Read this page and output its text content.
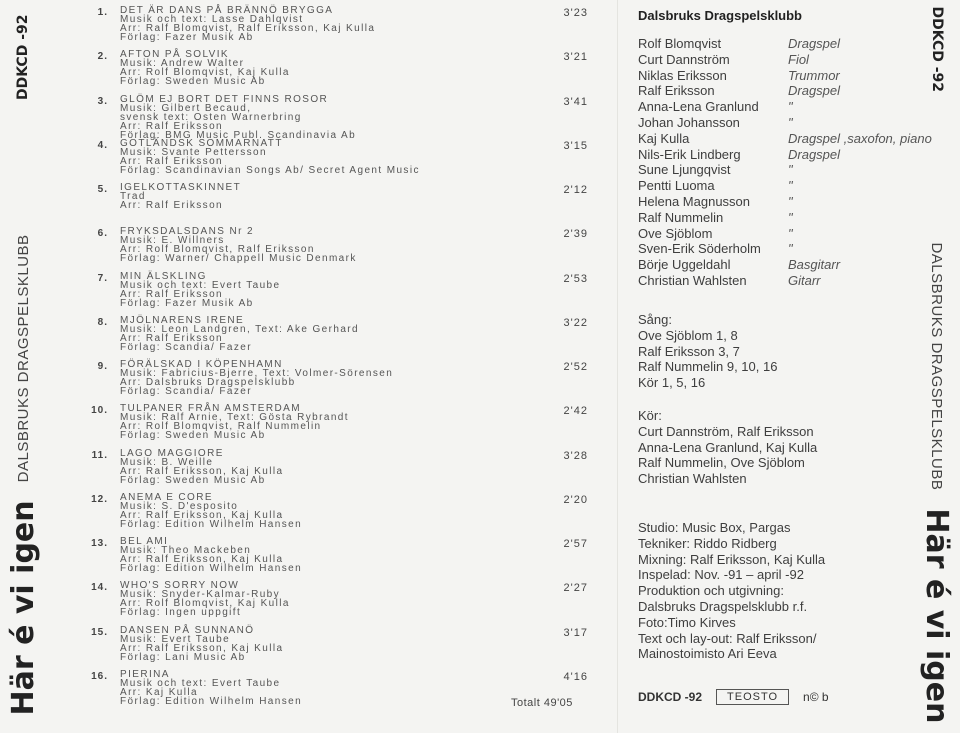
Här é vi igen
DALSBRUKS DRAGSPELSKLUBB
DDKCD -92	DDKCD -92
Här é vi igen
DALSBRUKS DRAGSPELSKLUBB
1. DET ÄR DANS PÅ BRÄNNÖ BRYGGA
Musik och text: Lasse Dahlqvist
Arr: Ralf Blomqvist, Ralf Eriksson, Kaj Kulla
Förlag: Fazer Musik Ab
3'23
2. AFTON PÅ SOLVIK
Musik: Andrew Walter
Arr: Rolf Blomqvist, Kaj Kulla
Förlag: Sweden Music Ab
3'21
3. GLÖM EJ BORT DET FINNS ROSOR
Musik: Gilbert Becaud,
svensk text: Osten Warnerbring
Arr: Ralf Eriksson
Förlag: BMG Music Publ. Scandinavia Ab
3'41
4. GOTLÄNDSK SOMMARNATT
Musik: Svante Pettersson
Arr: Ralf Eriksson
Förlag: Scandinavian Songs Ab/ Secret Agent Music
3'15
5. IGELKOTTASKINNET
Trad
Arr: Ralf Eriksson
2'12
6. FRYKSDALSDANS Nr 2
Musik: E. Willners
Arr: Rolf Blomqvist, Ralf Eriksson
Förlag: Warner/ Chappell Music Denmark
2'39
7. MIN ÄLSKLING
Musik och text: Evert Taube
Arr: Ralf Eriksson
Förlag: Fazer Musik Ab
2'53
8. MJÖLNARENS IRENE
Musik: Leon Landgren, Text: Ake Gerhard
Arr: Ralf Eriksson
Förlag: Scandia/ Fazer
3'22
9. FÖRÄLSKAD I KÖPENHAMN
Musik: Fabricius-Bjerre, Text: Volmer-Sörensen
Arr: Dalsbruks Dragspelsklubb
Förlag: Scandia/ Fazer
2'52
10. TULPANER FRÅN AMSTERDAM
Musik: Ralf Arnie, Text: Gösta Rybrandt
Arr: Rolf Blomqvist, Ralf Nummelin
Förlag: Sweden Music Ab
2'42
11. LAGO MAGGIORE
Musik: B. Weille
Arr: Ralf Eriksson, Kaj Kulla
Förlag: Sweden Music Ab
3'28
12. ANEMA E CORE
Musik: S. D'esposito
Arr: Ralf Eriksson, Kaj Kulla
Förlag: Edition Wilhelm Hansen
2'20
13. BEL AMI
Musik: Theo Mackeben
Arr: Ralf Eriksson, Kaj Kulla
Förlag: Edition Wilhelm Hansen
2'57
14. WHO'S SORRY NOW
Musik: Snyder-Kalmar-Ruby
Arr: Rolf Blomqvist, Kaj Kulla
Förlag: Ingen uppgift
2'27
15. DANSEN PÅ SUNNANÖ
Musik: Evert Taube
Arr: Ralf Eriksson, Kaj Kulla
Förlag: Lani Music Ab
3'17
16. PIERINA
Musik och text: Evert Taube
Arr: Kaj Kulla
Förlag: Edition Wilhelm Hansen
4'16
Totalt 49'05
Dalsbruks Dragspelsklubb
Rolf Blomqvist	Dragspel
Curt Dannström	Fiol
Niklas Eriksson	Trummor
Ralf Eriksson	Dragspel
Anna-Lena Granlund "
Johan Johansson	"
Kaj Kulla	Dragspel ,saxofon, piano
Nils-Erik Lindberg	Dragspel
Sune Ljungqvist	"
Pentti Luoma	"
Helena Magnusson	"
Ralf Nummelin	"
Ove Sjöblom	"
Sven-Erik Söderholm "
Börje Uggeldahl	Basgitarr
Christian Wahlsten	Gitarr
Sång:
Ove Sjöblom 1, 8
Ralf Eriksson 3, 7
Ralf Nummelin 9, 10, 16
Kör 1, 5, 16
Kör:
Curt Dannström, Ralf Eriksson
Anna-Lena Granlund, Kaj Kulla
Ralf Nummelin, Ove Sjöblom
Christian Wahlsten
Studio: Music Box, Pargas
Tekniker: Riddo Ridberg
Mixning: Ralf Eriksson, Kaj Kulla
Inspelad: Nov. -91 – april -92
Produktion och utgivning:
Dalsbruks Dragspelsklubb r.f.
Foto:Timo Kirves
Text och lay-out: Ralf Eriksson/
Mainostoimisto Ari Eeva
DDKCD -92	TEOSTO	n© b
